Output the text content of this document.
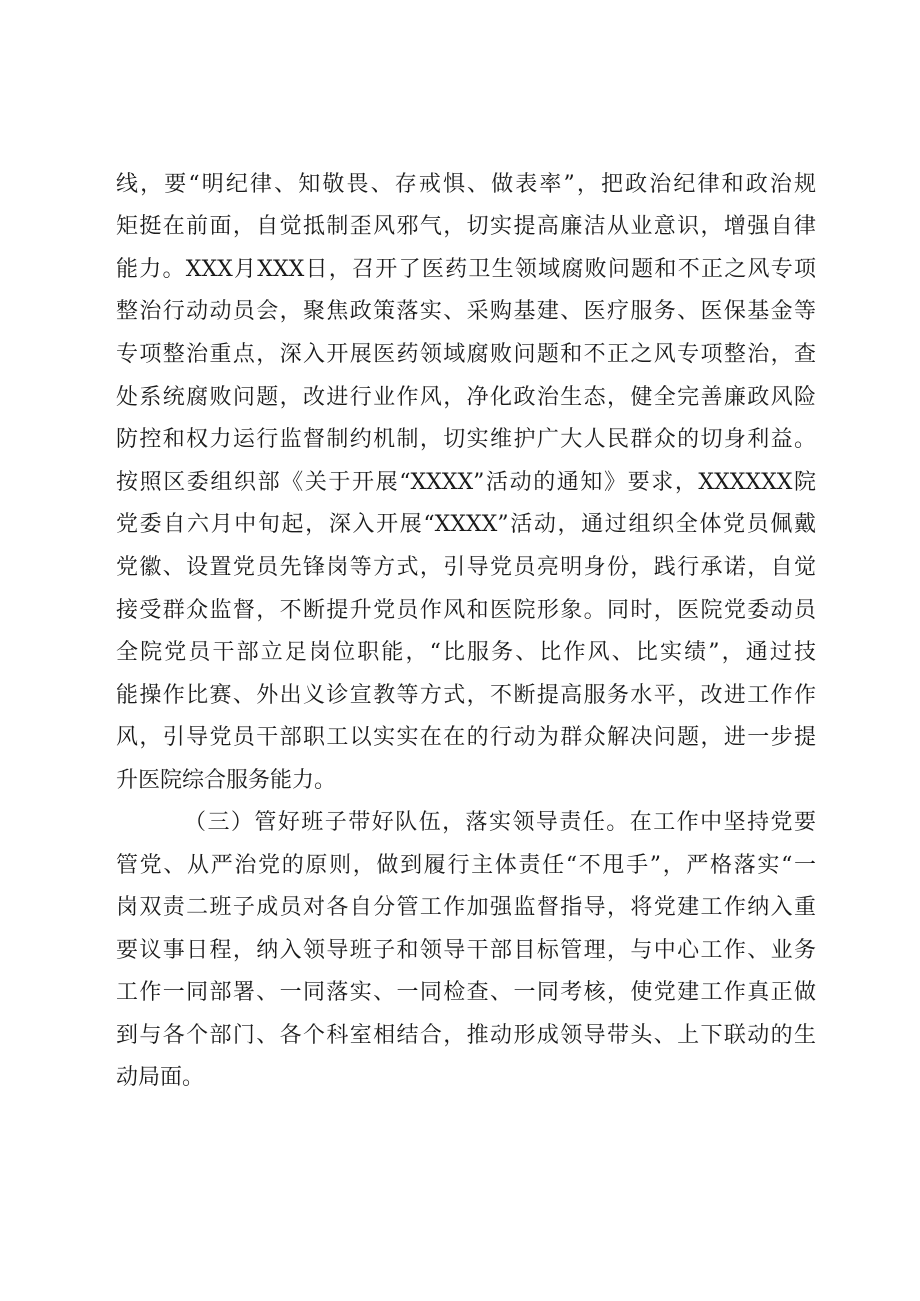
线，要“明纪律、知敬畏、存戒惧、做表率”，把政治纪律和政治规
矩挺在前面，自觉抵制歪风邪气，切实提高廉洁从业意识，增强自律
能力。XXX月XXX日，召开了医药卫生领域腐败问题和不正之风专项
整治行动动员会，聚焦政策落实、采购基建、医疗服务、医保基金等
专项整治重点，深入开展医药领域腐败问题和不正之风专项整治，查
处系统腐败问题，改进行业作风，净化政治生态，健全完善廉政风险
防控和权力运行监督制约机制，切实维护广大人民群众的切身利益。
按照区委组织部《关于开展“XXXX”活动的通知》要求，XXXXXX院
党委自六月中旬起，深入开展“XXXX”活动，通过组织全体党员佩戴
党徽、设置党员先锋岗等方式，引导党员亮明身份，践行承诺，自觉
接受群众监督，不断提升党员作风和医院形象。同时，医院党委动员
全院党员干部立足岗位职能，“比服务、比作风、比实绩”，通过技
能操作比赛、外出义诊宣教等方式，不断提高服务水平，改进工作作
风，引导党员干部职工以实实在在的行动为群众解决问题，进一步提
升医院综合服务能力。
（三）管好班子带好队伍，落实领导责任。在工作中坚持党要
管党、从严治党的原则，做到履行主体责任“不甩手”，严格落实“一
岗双责二班子成员对各自分管工作加强监督指导，将党建工作纳入重
要议事日程，纳入领导班子和领导干部目标管理，与中心工作、业务
工作一同部署、一同落实、一同检查、一同考核，使党建工作真正做
到与各个部门、各个科室相结合，推动形成领导带头、上下联动的生
动局面。
